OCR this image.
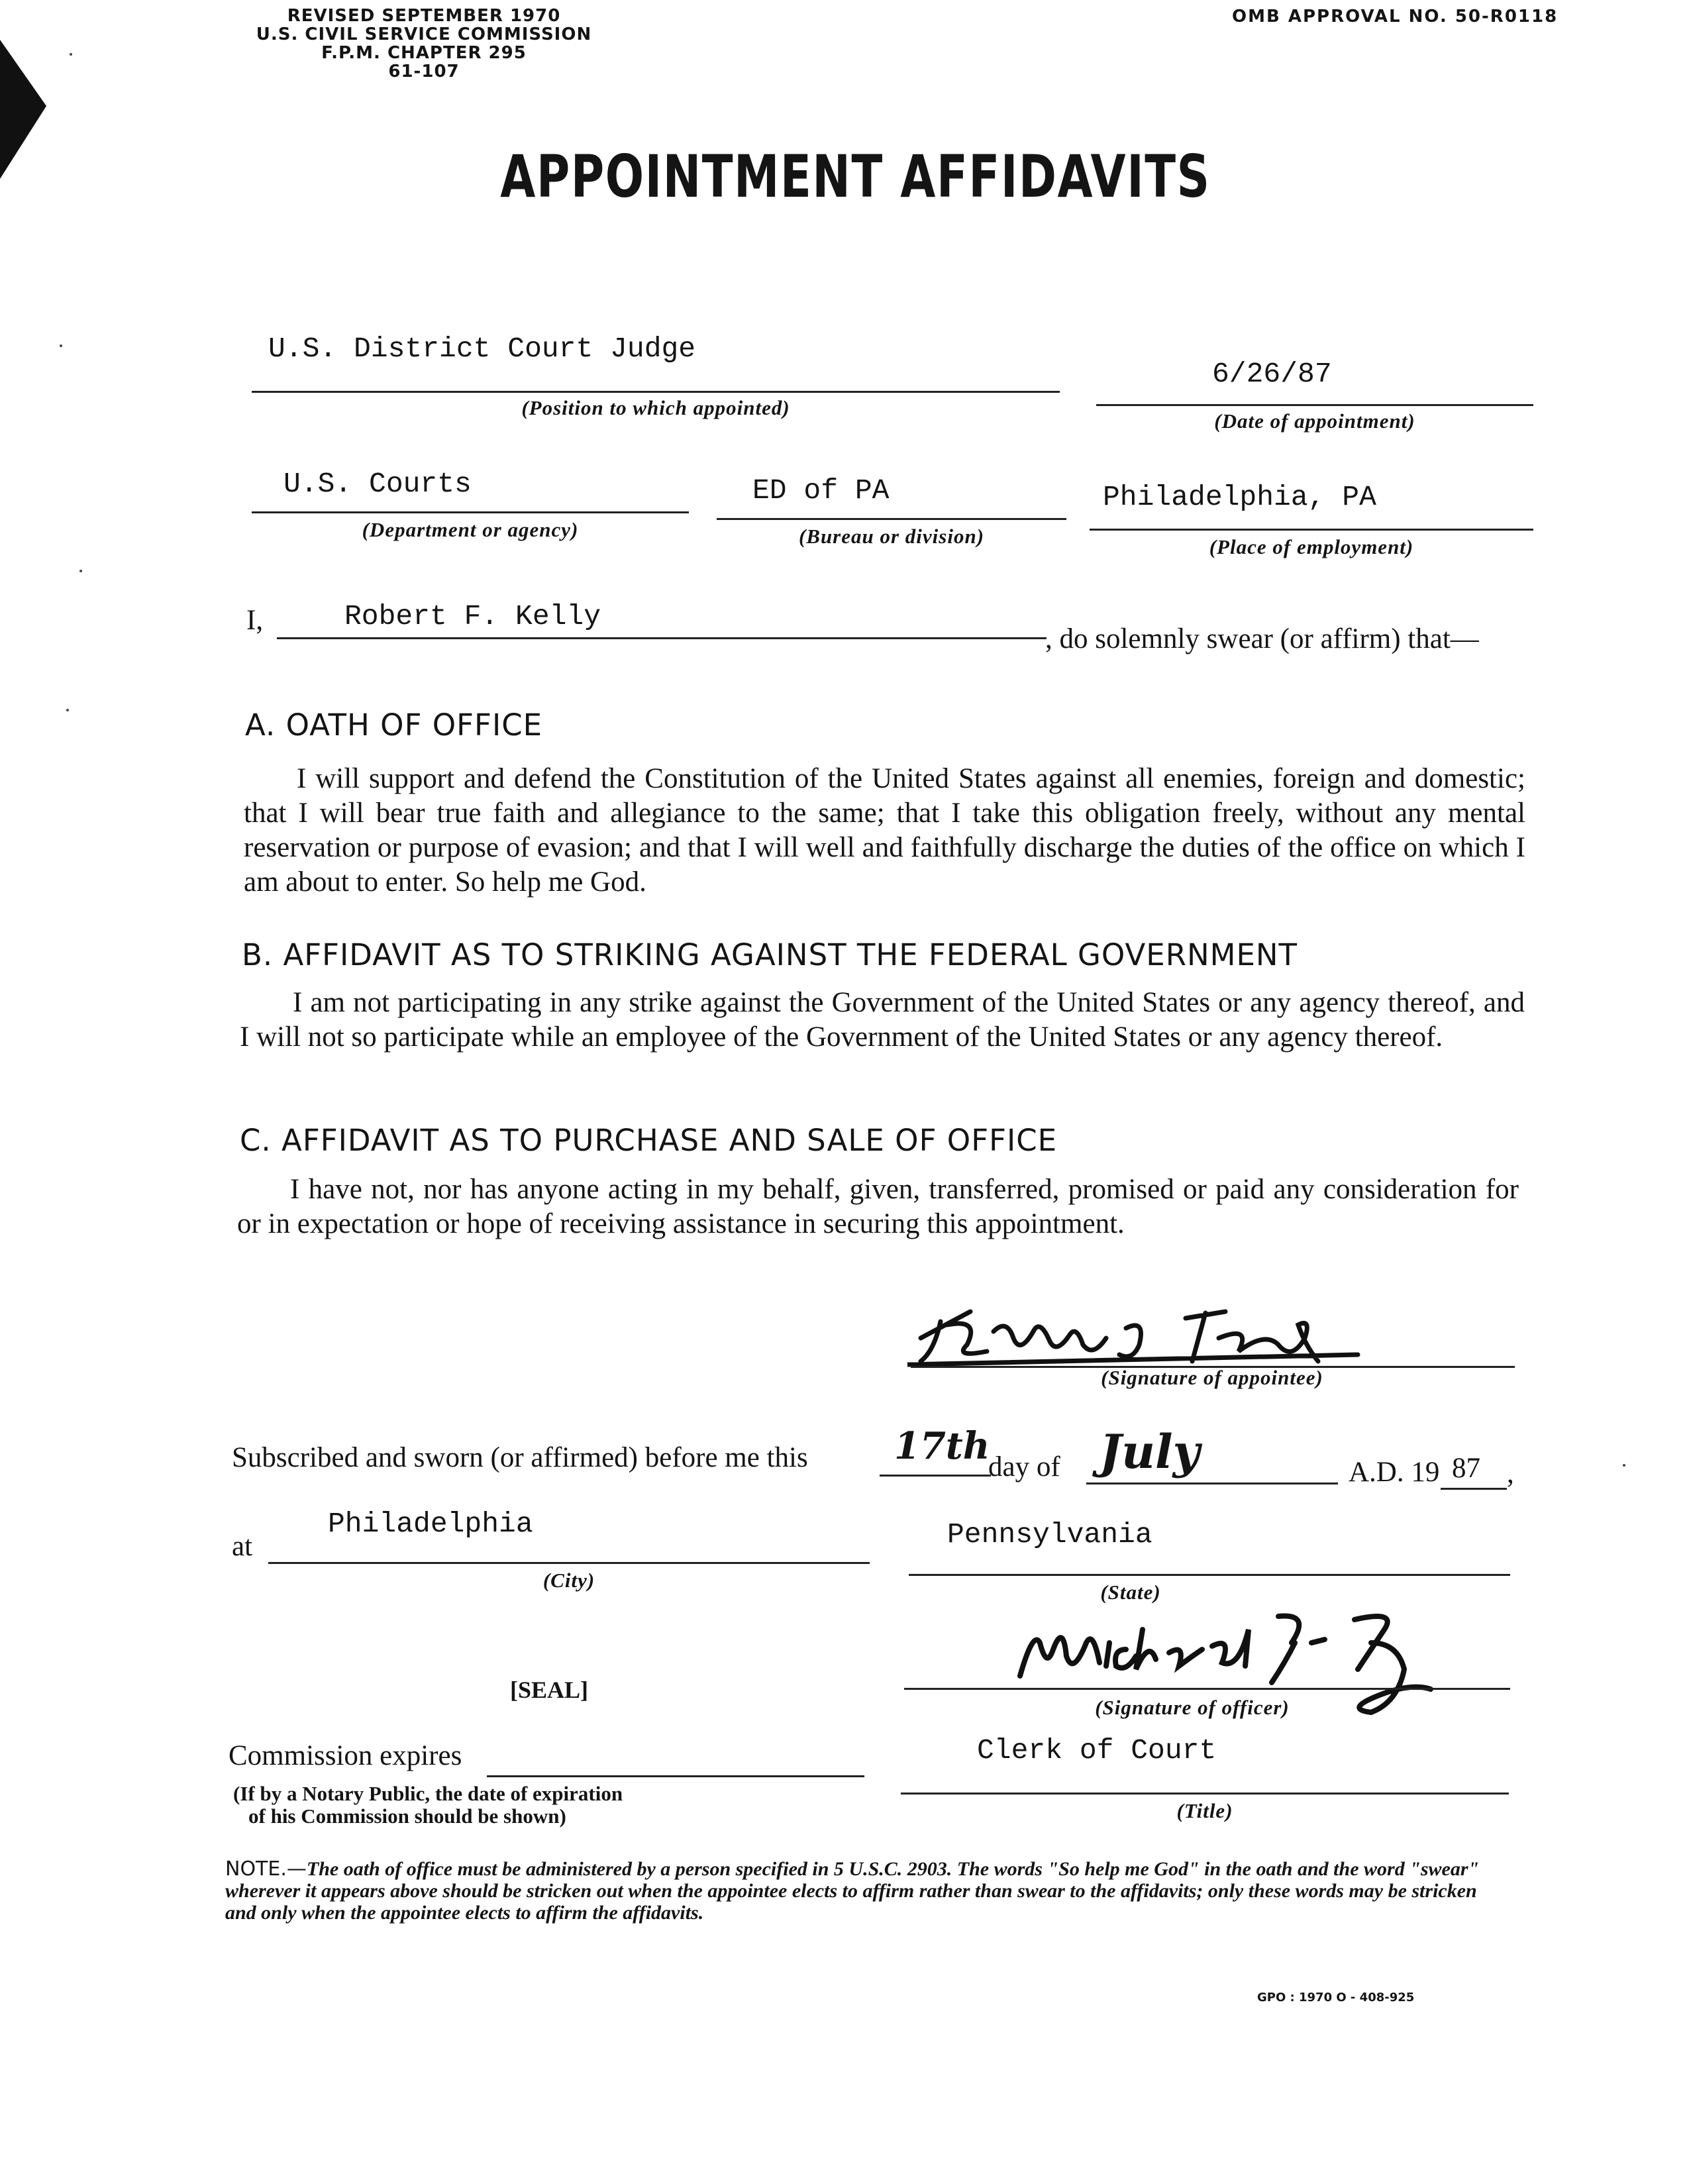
REVISED SEPTEMBER 1970
U.S. CIVIL SERVICE COMMISSION
F.P.M. CHAPTER 295
61-107
OMB APPROVAL NO. 50-R0118
APPOINTMENT AFFIDAVITS
U.S. District Court Judge
(Position to which appointed)
6/26/87
(Date of appointment)
U.S. Courts
(Department or agency)
ED of PA
(Bureau or division)
Philadelphia, PA
(Place of employment)
I,	Robert F. Kelly
, do solemnly swear (or affirm) that—
A. OATH OF OFFICE
I will support and defend the Constitution of the United States against all enemies, foreign and domestic; that I will bear true faith and allegiance to the same; that I take this obligation freely, without any mental reservation or purpose of evasion; and that I will well and faithfully discharge the duties of the office on which I am about to enter. So help me God.
B. AFFIDAVIT AS TO STRIKING AGAINST THE FEDERAL GOVERNMENT
I am not participating in any strike against the Government of the United States or any agency thereof, and I will not so participate while an employee of the Government of the United States or any agency thereof.
C. AFFIDAVIT AS TO PURCHASE AND SALE OF OFFICE
I have not, nor has anyone acting in my behalf, given, transferred, promised or paid any consideration for or in expectation or hope of receiving assistance in securing this appointment.
(Signature of appointee)
Subscribed and sworn (or affirmed) before me this 17th
day of July	A.D. 19 87 ,
at
Philadelphia
(City)
Pennsylvania
(State)
[SEAL]
(Signature of officer)
Commission expires
(If by a Notary Public, the date of expiration
of his Commission should be shown)
Clerk of Court
(Title)
NOTE.—The oath of office must be administered by a person specified in 5 U.S.C. 2903. The words "So help me God" in the oath and the word "swear" wherever it appears above should be stricken out when the appointee elects to affirm rather than swear to the affidavits; only these words may be stricken and only when the appointee elects to affirm the affidavits.
GPO : 1970 O - 408-925
